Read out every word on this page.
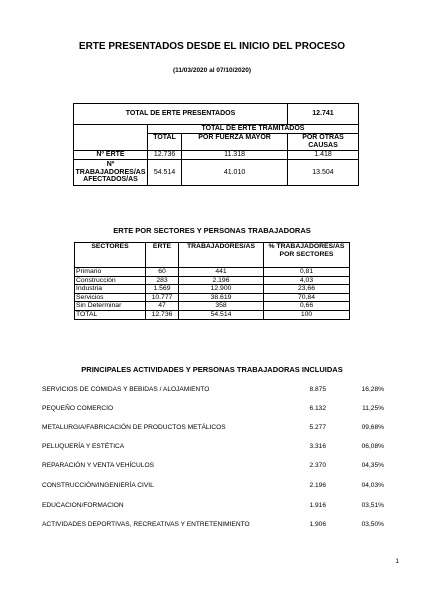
ERTE PRESENTADOS DESDE EL INICIO DEL PROCESO
(11/03/2020 al 07/10/2020)
TOTAL DE ERTE PRESENTADOS			12.741
	TOTAL DE ERTE TRAMITADOS		
	TOTAL	POR FUERZA MAYOR	POR OTRAS CAUSAS
Nº ERTE	12.736	11.318	1.418
Nº TRABAJADORES/AS AFECTADOS/AS	54.514	41.010	13.504
ERTE POR SECTORES Y PERSONAS TRABAJADORAS
SECTORES	ERTE	TRABAJADORES/AS	% TRABAJADORES/AS POR SECTORES
Primario	60	441	0,81
Construcción	283	2.196	4,03
Industria	1.569	12.900	23,66
Servicios	10.777	38.619	70,84
Sin Determinar	47	358	0,66
TOTAL	12.736	54.514	100
PRINCIPALES ACTIVIDADES Y PERSONAS TRABAJADORAS INCLUIDAS
SERVICIOS DE COMIDAS Y BEBIDAS / ALOJAMIENTO	8.875	16,28%
PEQUEÑO COMERCIO	6.132	11,25%
METALURGIA/FABRICACIÓN DE PRODUCTOS METÁLICOS	5.277	09,68%
PELUQUERÍA Y ESTÉTICA	3.316	06,08%
REPARACIÓN Y VENTA VEHÍCULOS	2.370	04,35%
CONSTRUCCIÓN/INGENIERÍA CIVIL	2.196	04,03%
EDUCACION/FORMACION	1.916	03,51%
ACTIVIDADES DEPORTIVAS, RECREATIVAS Y ENTRETENIMIENTO	1.906	03,50%
1
